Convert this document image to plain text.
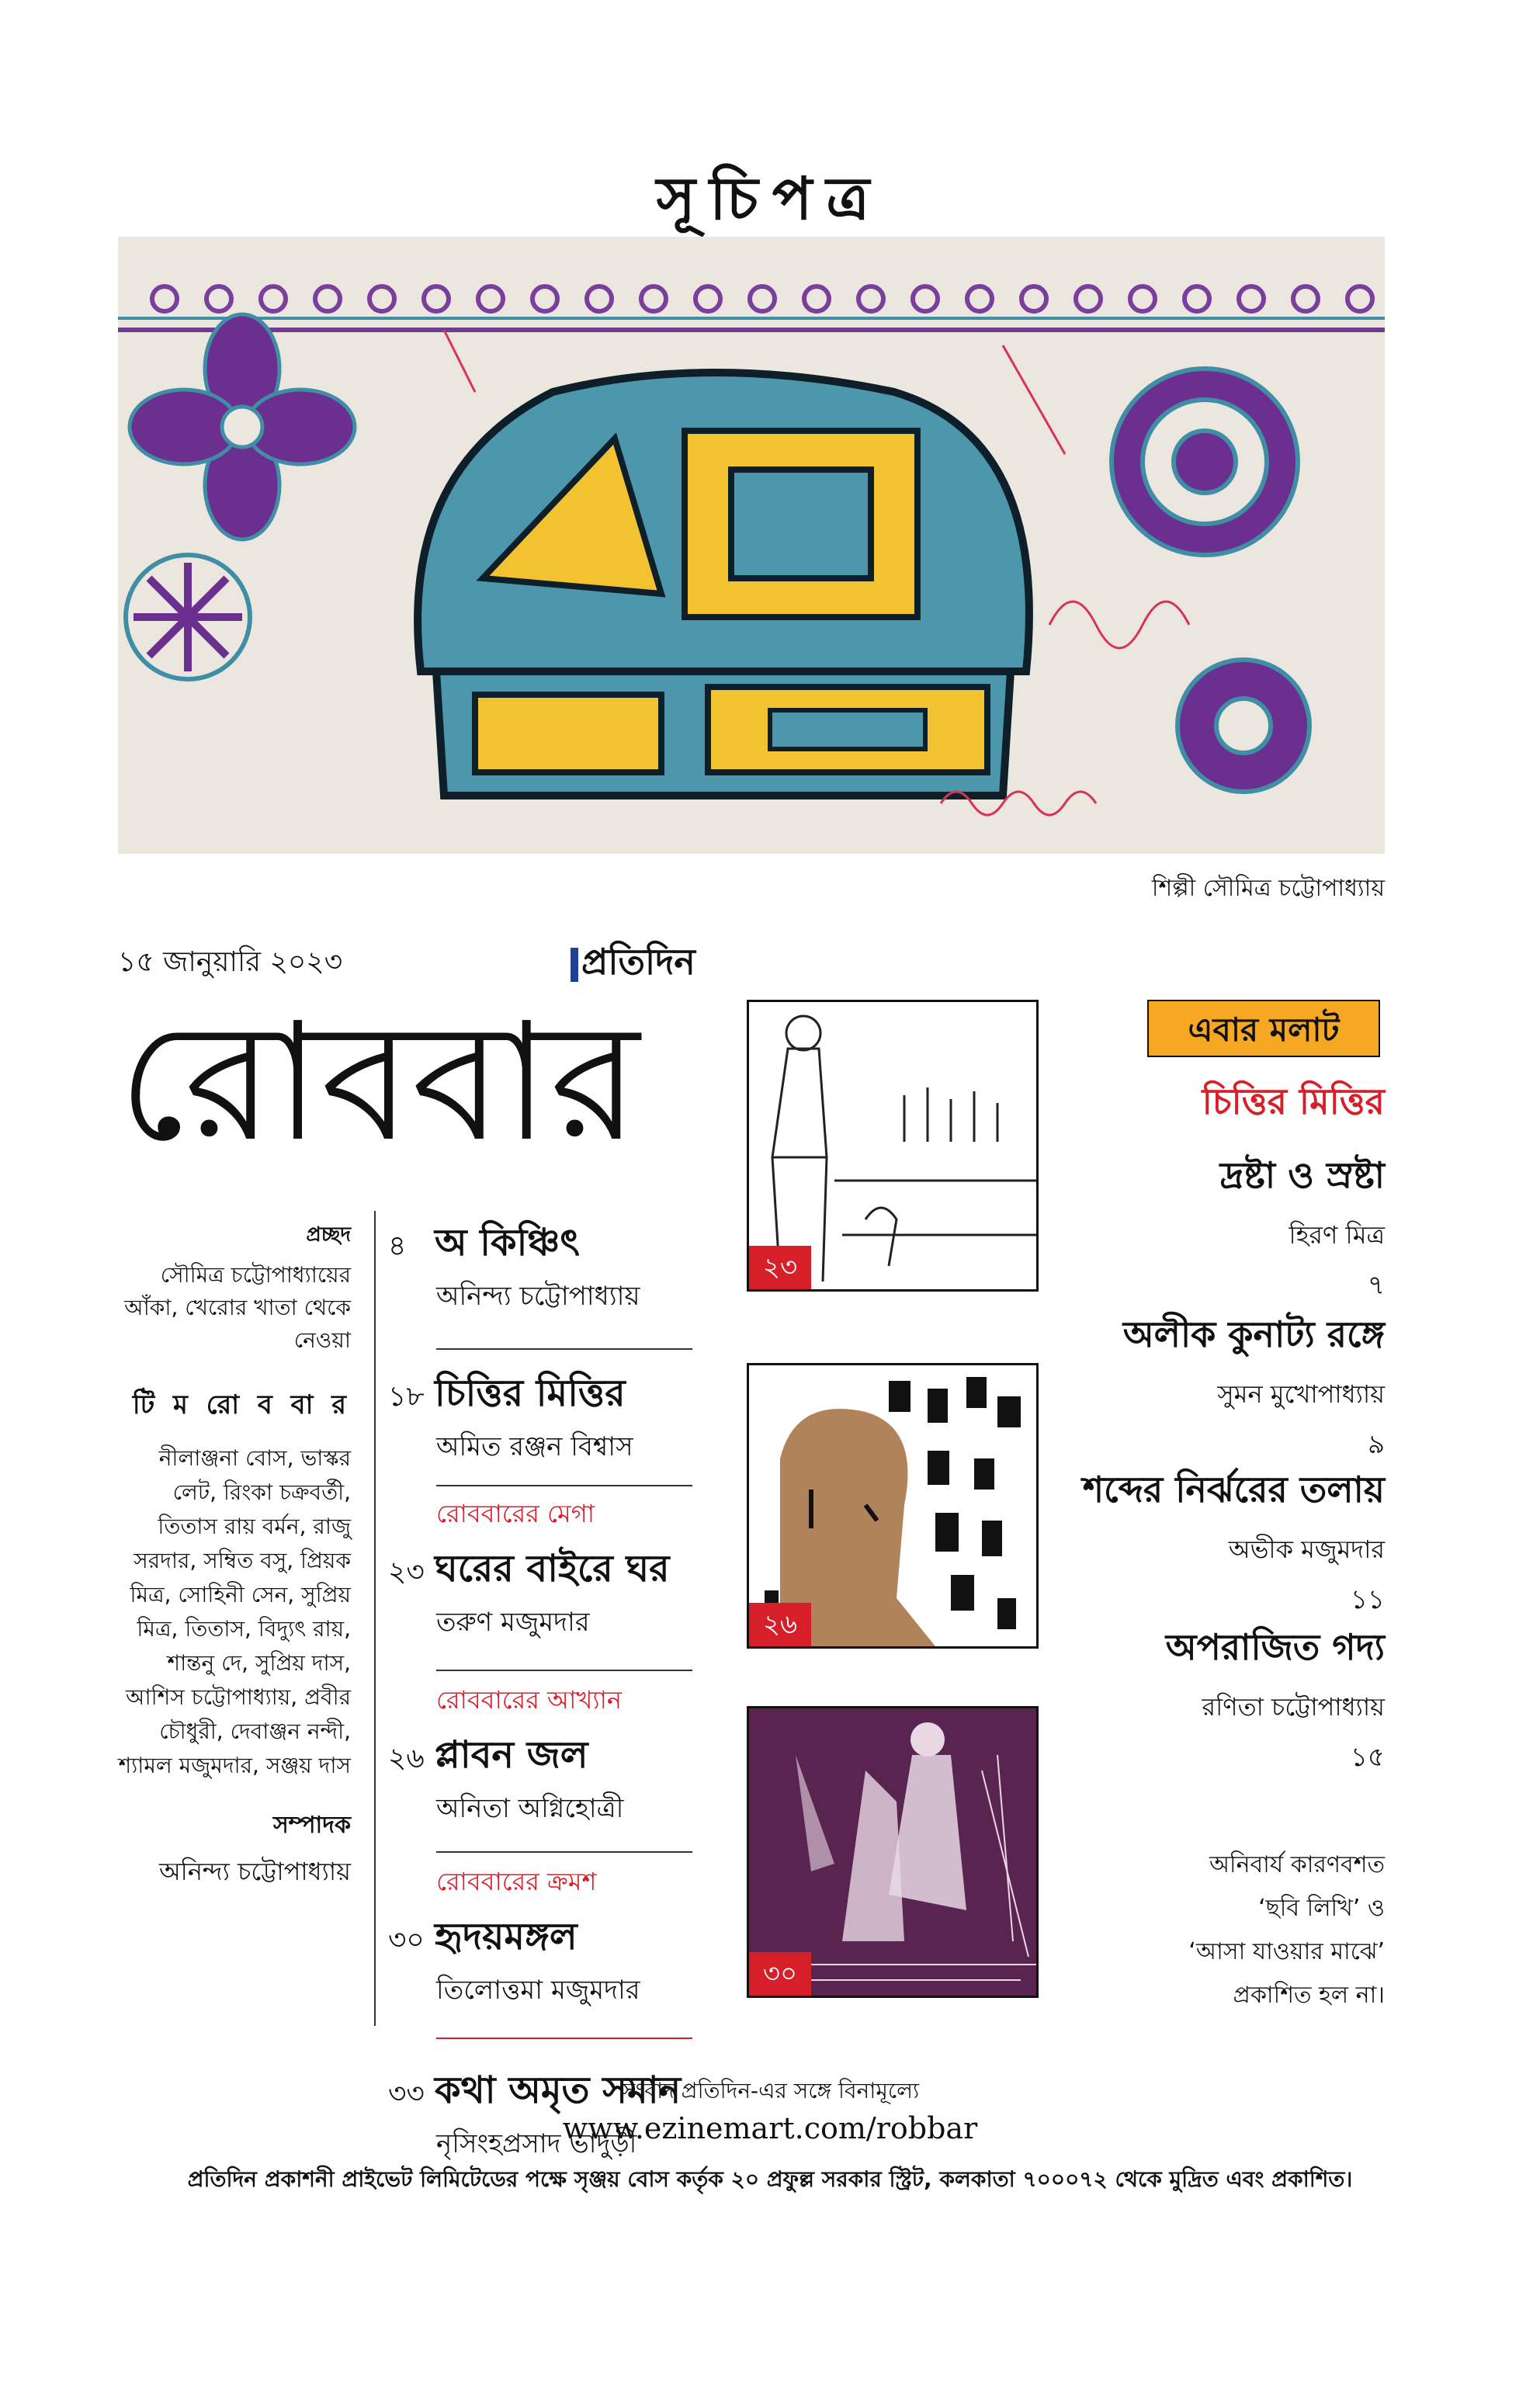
সূচিপত্র
শিল্পী সৌমিত্র চট্টোপাধ্যায়
১৫ জানুয়ারি ২০২৩	প্রতিদিন
রোববার
প্রচ্ছদ
সৌমিত্র চট্টোপাধ্যায়ের আঁকা, খেরোর খাতা থেকে নেওয়া
টি ম রো ব বা র
নীলাঞ্জনা বোস, ভাস্কর লেট, রিংকা চক্রবর্তী, তিতাস রায় বর্মন, রাজু সরদার, সম্বিত বসু, প্রিয়ক মিত্র, সোহিনী সেন, সুপ্রিয় মিত্র, তিতাস, বিদ্যুৎ রায়, শান্তনু দে, সুপ্রিয় দাস, আশিস চট্টোপাধ্যায়, প্রবীর চৌধুরী, দেবাঞ্জন নন্দী, শ্যামল মজুমদার, সঞ্জয় দাস
সম্পাদক
অনিন্দ্য চট্টোপাধ্যায়
৪ অ কিঞ্চিৎ
অনিন্দ্য চট্টোপাধ্যায়
১৮ চিত্তির মিত্তির
অমিত রঞ্জন বিশ্বাস
রোববারের মেগা
২৩ ঘরের বাইরে ঘর
তরুণ মজুমদার
রোববারের আখ্যান
২৬ প্লাবন জল
অনিতা অগ্নিহোত্রী
রোববারের ক্রমশ
৩০ হৃদয়মঙ্গল
তিলোত্তমা মজুমদার
৩৩ কথা অমৃত সমান
নৃসিংহপ্রসাদ ভাদুড়ী
২৩
২৬
৩০
এবার মলাট
চিত্তির মিত্তির
দ্রষ্টা ও স্রষ্টা
হিরণ মিত্র
৭
অলীক কুনাট্য রঙ্গে
সুমন মুখোপাধ্যায়
৯
শব্দের নির্ঝরের তলায়
অভীক মজুমদার
১১
অপরাজিত গদ্য
রণিতা চট্টোপাধ্যায়
১৫
অনিবার্য কারণবশত
‘ছবি লিখি’ ও
‘আসা যাওয়ার মাঝে’
প্রকাশিত হল না।
সংবাদ প্রতিদিন-এর সঙ্গে বিনামূল্যে
www.ezinemart.com/robbar
প্রতিদিন প্রকাশনী প্রাইভেট লিমিটেডের পক্ষে সৃঞ্জয় বোস কর্তৃক ২০ প্রফুল্ল সরকার স্ট্রিট, কলকাতা ৭০০০৭২ থেকে মুদ্রিত এবং প্রকাশিত।
